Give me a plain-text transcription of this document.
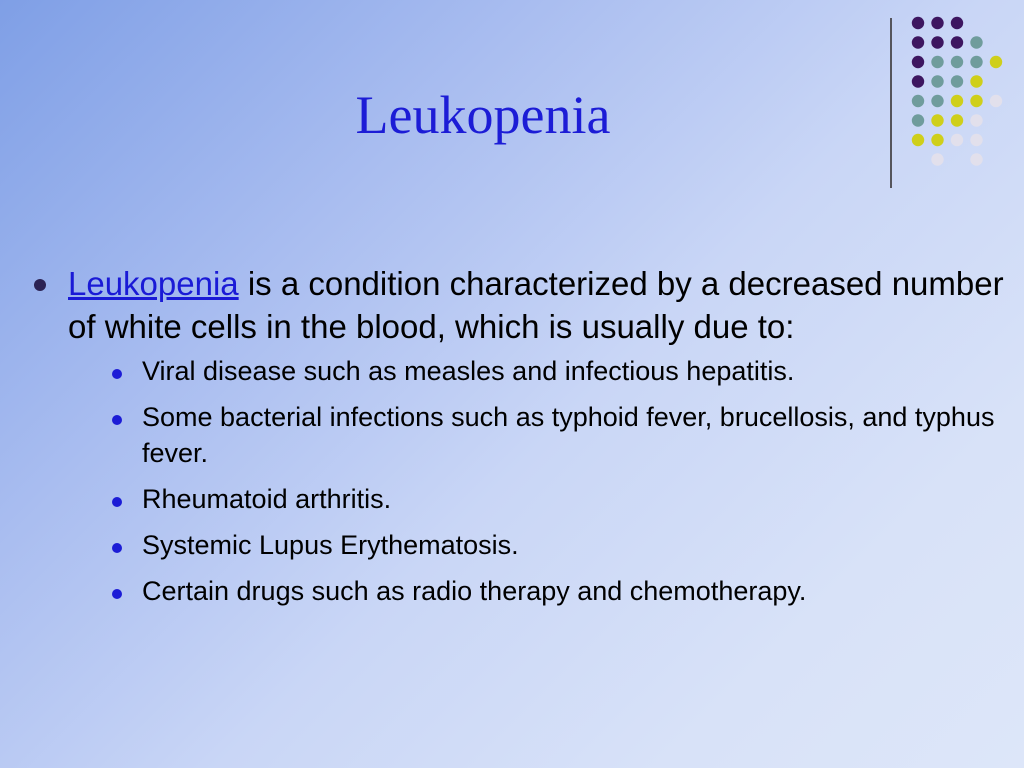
Leukopenia
Leukopenia is a condition characterized by a decreased number of white cells in the blood, which is usually due to:
Viral disease such as measles and infectious hepatitis.
Some bacterial infections such as typhoid fever, brucellosis, and typhus fever.
Rheumatoid arthritis.
Systemic Lupus Erythematosis.
Certain drugs such as radio therapy and chemotherapy.
